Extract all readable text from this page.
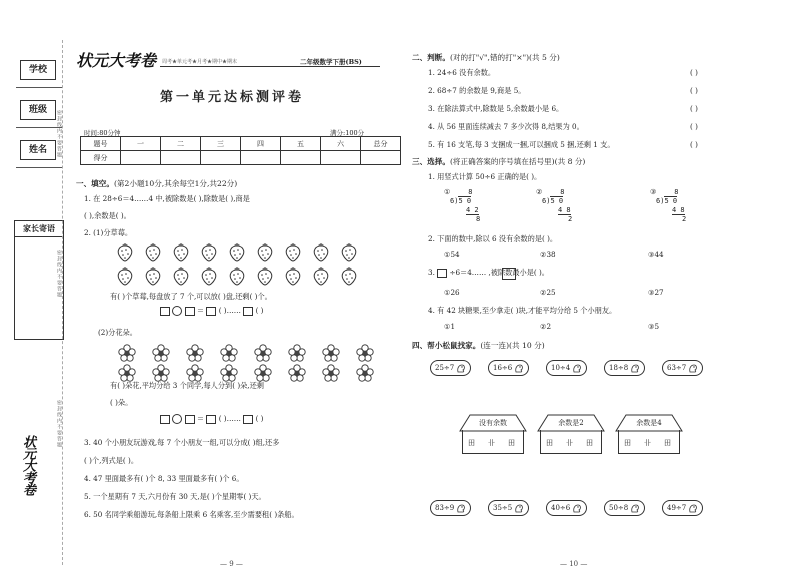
学校
班级
姓名
家长寄语
密封线内不要答题
密封线内不要答题
密封线内不要答题
状元大考卷
状元大考卷 周考★单元考★月考★期中★期末	二年级数学下册(BS)
第一单元达标测评卷
时间:80分钟	满分:100分
题号	一	二	三	四	五	六	总分
得分							
一、填空。(第2小题10分,其余每空1分,共22分)
1. 在 28÷6＝4……4 中,被除数是( ),除数是( ),商是
( ),余数是( )。
2. (1)分草莓。
有( )个草莓,每盘放了 7 个,可以放( )盘,还剩( )个。
＝ ( )…… ( )
(2)分花朵。
有( )朵花,平均分给 3 个同学,每人分到( )朵,还剩
( )朵。
＝ ( )…… ( )
3. 40 个小朋友玩游戏,每 7 个小朋友一组,可以分成( )组,还多
( )个,列式是( )。
4. 47 里面最多有( )个 8, 33 里面最多有( )个 6。
5. 一个星期有 7 天,六月份有 30 天,是( )个星期零( )天。
6. 50 名同学乘船游玩,每条船上限乘 6 名乘客,至少需要租( )条船。
— 9 —
二、判断。(对的打"√",错的打"×")(共 5 分)
1. 24÷6 没有余数。
2. 68÷7 的余数是 9,商是 5。
3. 在除法算式中,除数是 5,余数最小是 6。
4. 从 56 里面连续减去 7 多少次得 8,结果为 0。
5. 有 16 支笔,每 3 支捆成一捆,可以捆成 5 捆,还剩 1 支。
( )
( )
( )
( )
( )
三、选择。(将正确答案的序号填在括号里)(共 8 分)
1. 用竖式计算 50÷6 正确的是( )。
①	8
6)5 0
4 2
8
②	8
6)5 0
4 8
2
③	8
6)5 0
4 8
2
2. 下面的数中,除以 6 没有余数的是( )。
①54	②38	③44
3. ÷6＝4…… ,被除数最小是( )。
①26	②25	③27
4. 有 42 块糖果,至少拿走( )块,才能平均分给 5 个小朋友。
①1	②2	③5
四、帮小松鼠找家。(连一连)(共 10 分)
25÷7	16÷6	10÷4	18÷8	63÷7
没有余数
田 卝 田
余数是2
田 卝 田
余数是4
田 卝 田
83÷9	35÷5	40÷6	50÷8	49÷7
— 10 —
